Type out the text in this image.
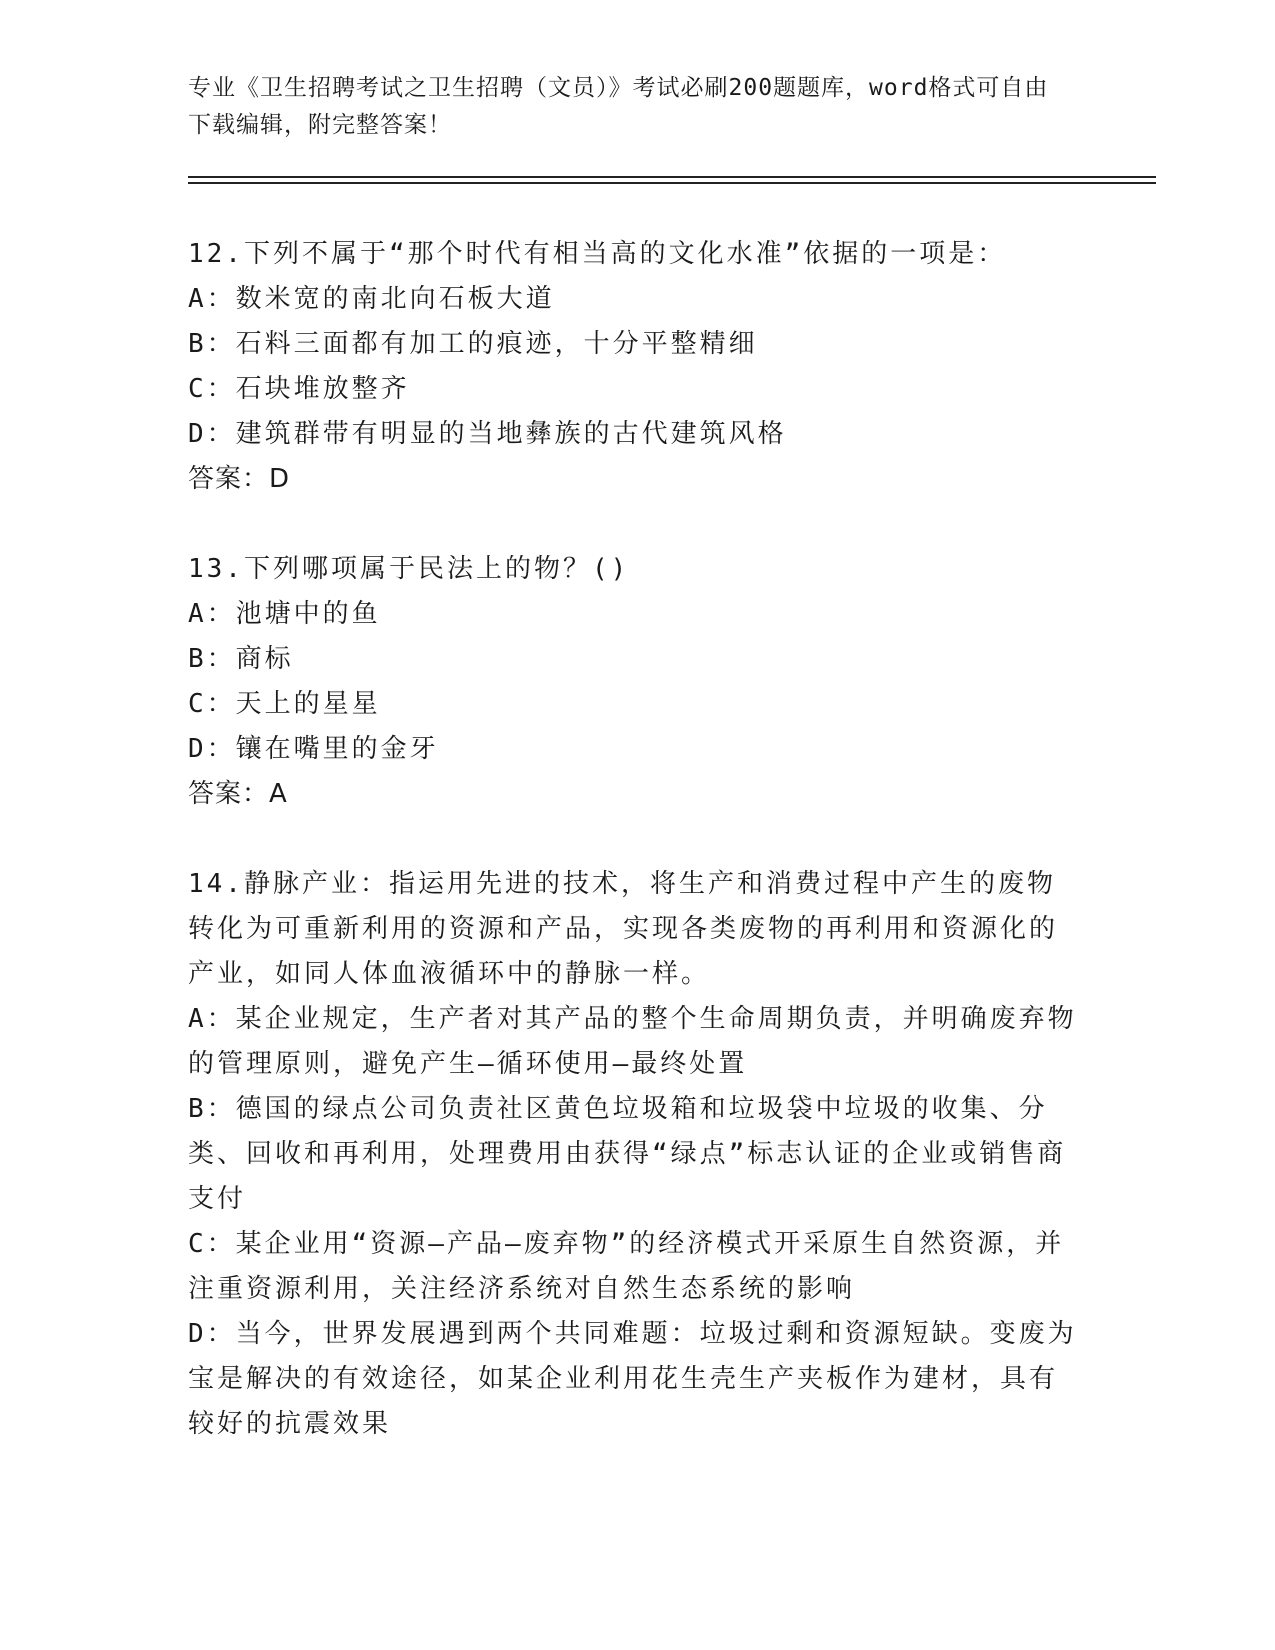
专业《卫生招聘考试之卫生招聘（文员）》考试必刷200题题库，word格式可自由下载编辑，附完整答案！
12.下列不属于“那个时代有相当高的文化水准”依据的一项是：
A：数米宽的南北向石板大道
B：石料三面都有加工的痕迹，十分平整精细
C：石块堆放整齐
D：建筑群带有明显的当地彝族的古代建筑风格
答案：D
13.下列哪项属于民法上的物？()
A：池塘中的鱼
B：商标
C：天上的星星
D：镶在嘴里的金牙
答案：A
14.静脉产业：指运用先进的技术，将生产和消费过程中产生的废物转化为可重新利用的资源和产品，实现各类废物的再利用和资源化的产业，如同人体血液循环中的静脉一样。
A：某企业规定，生产者对其产品的整个生命周期负责，并明确废弃物的管理原则，避免产生—循环使用—最终处置
B：德国的绿点公司负责社区黄色垃圾箱和垃圾袋中垃圾的收集、分类、回收和再利用，处理费用由获得“绿点”标志认证的企业或销售商支付
C：某企业用“资源—产品—废弃物”的经济模式开采原生自然资源，并注重资源利用，关注经济系统对自然生态系统的影响
D：当今，世界发展遇到两个共同难题：垃圾过剩和资源短缺。变废为宝是解决的有效途径，如某企业利用花生壳生产夹板作为建材，具有较好的抗震效果
